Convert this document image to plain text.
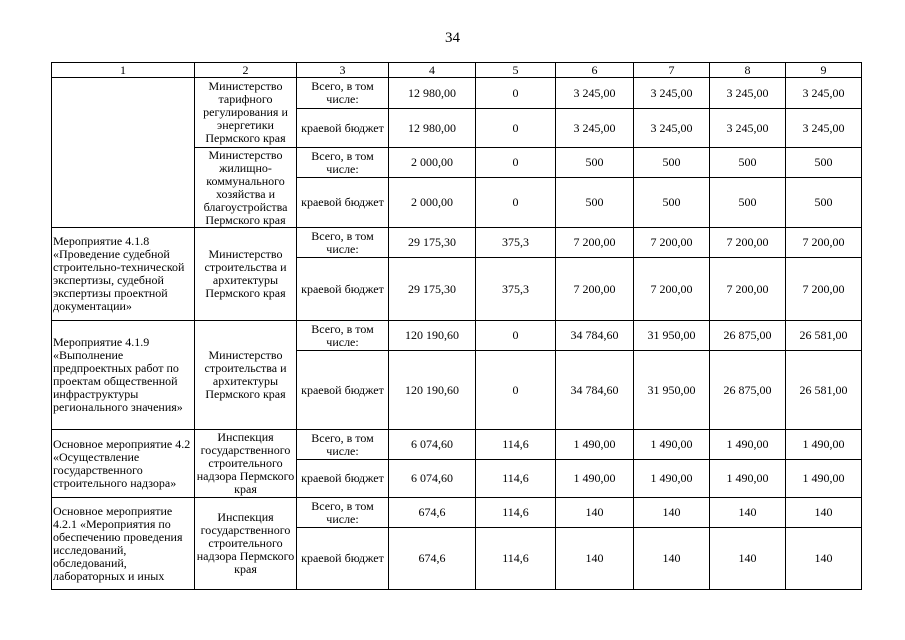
34
1	2	3	4	5	6	7	8	9
	Министерство тарифного регулирования и энергетики Пермского края	Всего, в том числе:	12 980,00	0	3 245,00	3 245,00	3 245,00	3 245,00
		краевой бюджет	12 980,00	0	3 245,00	3 245,00	3 245,00	3 245,00
	Министерство жилищно-коммунального хозяйства и благоустройства Пермского края	Всего, в том числе:	2 000,00	0	500	500	500	500
		краевой бюджет	2 000,00	0	500	500	500	500
Мероприятие 4.1.8 «Проведение судебной строительно-технической экспертизы, судебной экспертизы проектной документации»	Министерство строительства и архитектуры Пермского края	Всего, в том числе:	29 175,30	375,3	7 200,00	7 200,00	7 200,00	7 200,00
		краевой бюджет	29 175,30	375,3	7 200,00	7 200,00	7 200,00	7 200,00
Мероприятие 4.1.9 «Выполнение предпроектных работ по проектам общественной инфраструктуры регионального значения»	Министерство строительства и архитектуры Пермского края	Всего, в том числе:	120 190,60	0	34 784,60	31 950,00	26 875,00	26 581,00
		краевой бюджет	120 190,60	0	34 784,60	31 950,00	26 875,00	26 581,00
Основное мероприятие 4.2 «Осуществление государственного строительного надзора»	Инспекция государственного строительного надзора Пермского края	Всего, в том числе:	6 074,60	114,6	1 490,00	1 490,00	1 490,00	1 490,00
		краевой бюджет	6 074,60	114,6	1 490,00	1 490,00	1 490,00	1 490,00
Основное мероприятие 4.2.1 «Мероприятия по обеспечению проведения исследований, обследований, лабораторных и иных	Инспекция государственного строительного надзора Пермского края	Всего, в том числе:	674,6	114,6	140	140	140	140
		краевой бюджет	674,6	114,6	140	140	140	140
